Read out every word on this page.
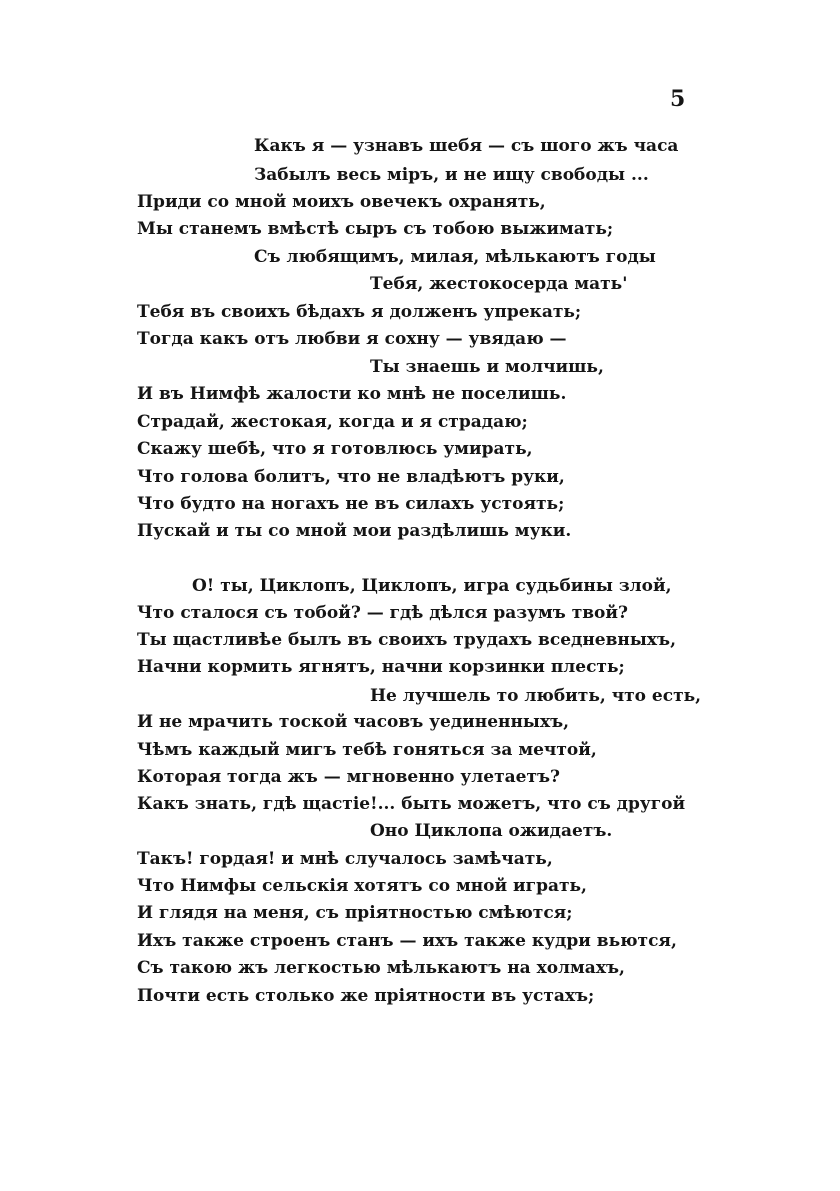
5
Какъ я — узнавъ шебя — съ шого жъ часа
Забылъ весь міръ, и не ищу свободы ...
Приди со мной моихъ овечекъ охранять,
Мы станемъ вмѣстѣ сыръ съ тобою выжимать;
Съ любящимъ, милая, мѣлькаютъ годы
Тебя, жестокосерда мать'
Тебя въ своихъ бѣдахъ я долженъ упрекать;
Тогда какъ отъ любви я сохну — увядаю —
Ты знаешь и молчишь,
И въ Нимфѣ жалости ко мнѣ не поселишь.
Страдай, жестокая, когда и я страдаю;
Скажу шебѣ, что я готовлюсь умирать,
Что голова болитъ, что не владѣютъ руки,
Что будто на ногахъ не въ силахъ устоять;
Пускай и ты со мной мои раздѣлишь муки.
О! ты, Циклопъ, Циклопъ, игра судьбины злой,
Что сталося съ тобой? — гдѣ дѣлся разумъ твой?
Ты щастливѣе былъ въ своихъ трудахъ вседневныхъ,
Начни кормить ягнятъ, начни корзинки плесть;
Не лучшель то любить, что есть,
И не мрачить тоской часовъ уединенныхъ,
Чѣмъ каждый мигъ тебѣ гоняться за мечтой,
Которая тогда жъ — мгновенно улетаетъ?
Какъ знать, гдѣ щастіе!... быть можетъ, что съ другой
Оно Циклопа ожидаетъ.
Такъ! гордая! и мнѣ случалось замѣчать,
Что Нимфы сельскія хотятъ со мной играть,
И глядя на меня, съ пріятностью смѣются;
Ихъ также строенъ станъ — ихъ также кудри вьются,
Съ такою жъ легкостью мѣлькаютъ на холмахъ,
Почти есть столько же пріятности въ устахъ;
